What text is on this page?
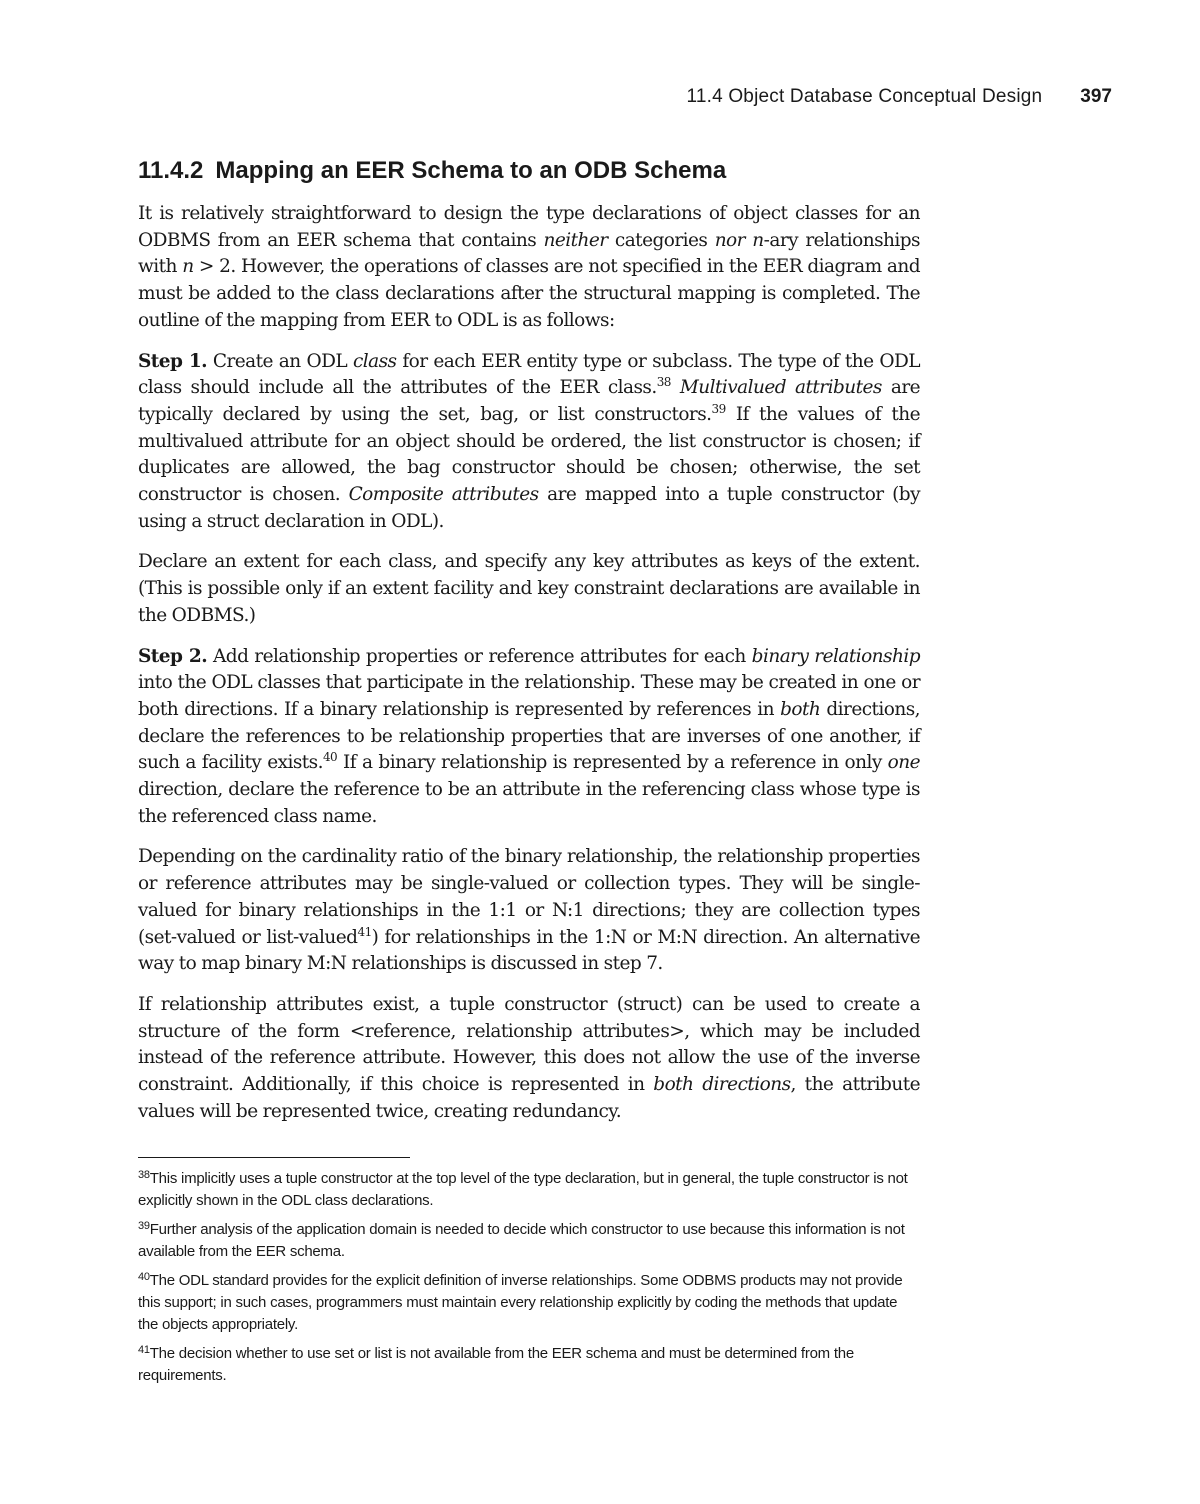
11.4 Object Database Conceptual Design 397
11.4.2 Mapping an EER Schema to an ODB Schema

It is relatively straightforward to design the type declarations of object classes for an ODBMS from an EER schema that contains neither categories nor n-ary relationships with n > 2. However, the operations of classes are not specified in the EER diagram and must be added to the class declarations after the structural mapping is completed. The outline of the mapping from EER to ODL is as follows:

Step 1. Create an ODL class for each EER entity type or subclass. The type of the ODL class should include all the attributes of the EER class.$^{38}$ Multivalued attributes are typically declared by using the set, bag, or list constructors.$^{39}$ If the values of the multivalued attribute for an object should be ordered, the list constructor is chosen; if duplicates are allowed, the bag constructor should be chosen; otherwise, the set constructor is chosen. Composite attributes are mapped into a tuple constructor (by using a struct declaration in ODL).

Declare an extent for each class, and specify any key attributes as keys of the extent. (This is possible only if an extent facility and key constraint declarations are available in the ODBMS.)

Step 2. Add relationship properties or reference attributes for each binary relationship into the ODL classes that participate in the relationship. These may be created in one or both directions. If a binary relationship is represented by references in both directions, declare the references to be relationship properties that are inverses of one another, if such a facility exists.$^{40}$ If a binary relationship is represented by a reference in only one direction, declare the reference to be an attribute in the referencing class whose type is the referenced class name.

Depending on the cardinality ratio of the binary relationship, the relationship properties or reference attributes may be single-valued or collection types. They will be single-valued for binary relationships in the 1:1 or N:1 directions; they are collection types (set-valued or list-valued$^{41}$) for relationships in the 1:N or M:N direction. An alternative way to map binary M:N relationships is discussed in step 7.

If relationship attributes exist, a tuple constructor (struct) can be used to create a structure of the form <reference, relationship attributes>, which may be included instead of the reference attribute. However, this does not allow the use of the inverse constraint. Additionally, if this choice is represented in both directions, the attribute values will be represented twice, creating redundancy.

$^{38}$This implicitly uses a tuple constructor at the top level of the type declaration, but in general, the tuple constructor is not explicitly shown in the ODL class declarations.
$^{39}$Further analysis of the application domain is needed to decide which constructor to use because this information is not available from the EER schema.
$^{40}$The ODL standard provides for the explicit definition of inverse relationships. Some ODBMS products may not provide this support; in such cases, programmers must maintain every relationship explicitly by coding the methods that update the objects appropriately.
$^{41}$The decision whether to use set or list is not available from the EER schema and must be determined from the requirements.
